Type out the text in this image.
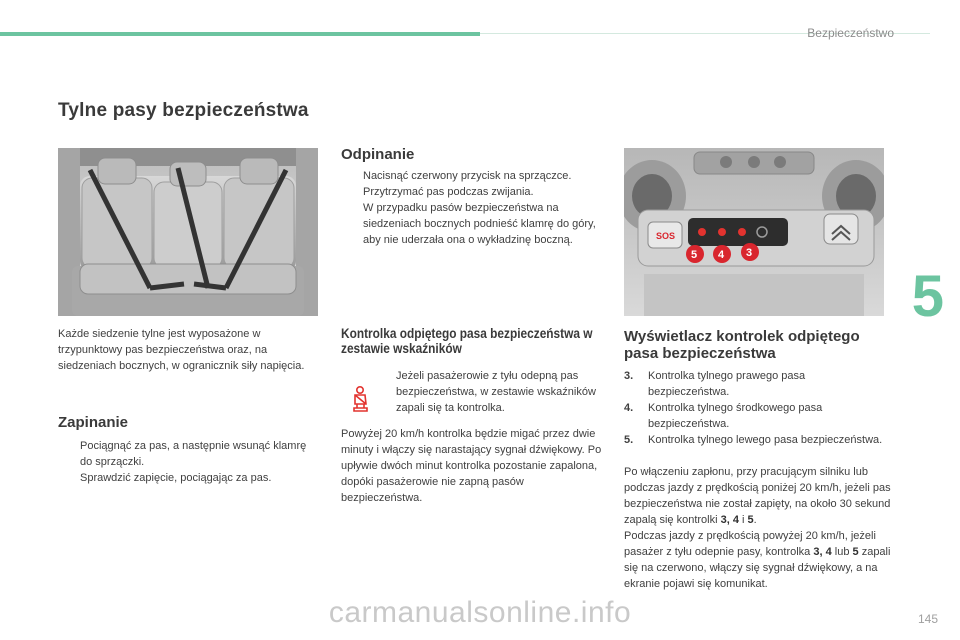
Bezpieczeństwo
5
Tylne pasy bezpieczeństwa
Każde siedzenie tylne jest wyposażone w trzypunktowy pas bezpieczeństwa oraz, na siedzeniach bocznych, w ogranicznik siły napięcia.
Zapinanie
Pociągnąć za pas, a następnie wsunąć klamrę do sprzączki.
Sprawdzić zapięcie, pociągając za pas.
Odpinanie
Nacisnąć czerwony przycisk na sprzączce.
Przytrzymać pas podczas zwijania.
W przypadku pasów bezpieczeństwa na siedzeniach bocznych podnieść klamrę do góry, aby nie uderzała ona o wykładzinę boczną.
Kontrolka odpiętego pasa bezpieczeństwa w zestawie wskaźników
Jeżeli pasażerowie z tyłu odepną pas bezpieczeństwa, w zestawie wskaźników zapali się ta kontrolka.
Powyżej 20 km/h kontrolka będzie migać przez dwie minuty i włączy się narastający sygnał dźwiękowy. Po upływie dwóch minut kontrolka pozostanie zapalona, dopóki pasażerowie nie zapną pasów bezpieczeństwa.
SOS
5 4 3
Wyświetlacz kontrolek odpiętego pasa bezpieczeństwa
3. Kontrolka tylnego prawego pasa bezpieczeństwa.
4. Kontrolka tylnego środkowego pasa bezpieczeństwa.
5. Kontrolka tylnego lewego pasa bezpieczeństwa.
Po włączeniu zapłonu, przy pracującym silniku lub podczas jazdy z prędkością poniżej 20 km/h, jeżeli pas bezpieczeństwa nie został zapięty, na około 30 sekund zapalą się kontrolki 3, 4 i 5.
Podczas jazdy z prędkością powyżej 20 km/h, jeżeli pasażer z tyłu odepnie pasy, kontrolka 3, 4 lub 5 zapali się na czerwono, włączy się sygnał dźwiękowy, a na ekranie pojawi się komunikat.
carmanualsonline.info	145
